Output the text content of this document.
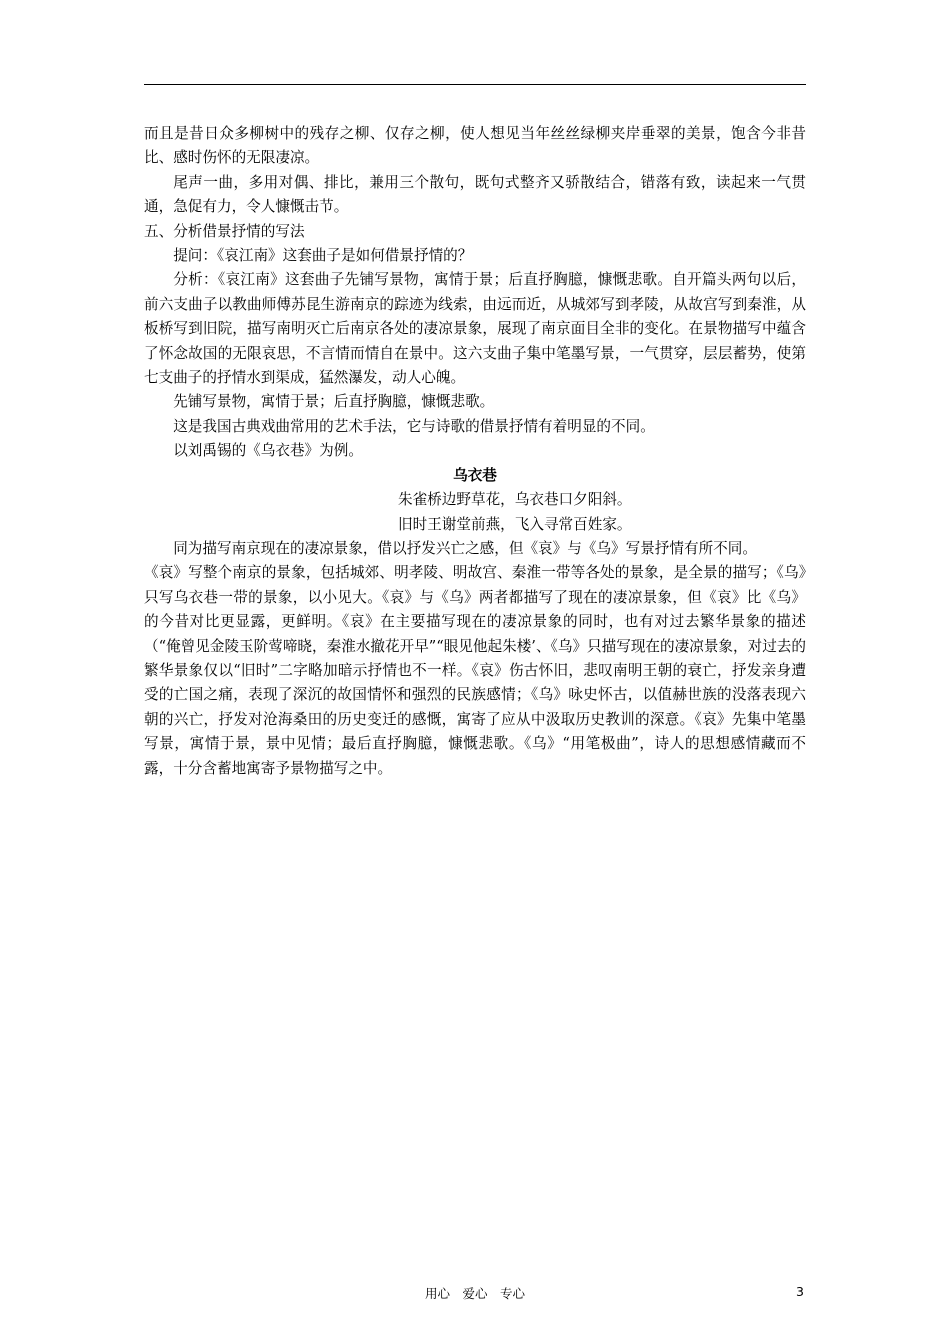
而且是昔日众多柳树中的残存之柳、仅存之柳，使人想见当年丝丝绿柳夹岸垂翠的美景，饱含今非昔比、感时伤怀的无限凄凉。

尾声一曲，多用对偶、排比，兼用三个散句，既句式整齐又骄散结合，错落有致，读起来一气贯通，急促有力，令人慷慨击节。

五、分析借景抒情的写法

提问：《哀江南》这套曲子是如何借景抒情的？

分析：《哀江南》这套曲子先铺写景物，寓情于景；后直抒胸臆，慷慨悲歌。自开篇头两句以后，前六支曲子以教曲师傅苏昆生游南京的踪迹为线索，由远而近，从城郊写到孝陵，从故宫写到秦淮，从板桥写到旧院，描写南明灭亡后南京各处的凄凉景象，展现了南京面目全非的变化。在景物描写中蕴含了怀念故国的无限哀思，不言情而情自在景中。这六支曲子集中笔墨写景，一气贯穿，层层蓄势，使第七支曲子的抒情水到渠成，猛然瀑发，动人心魄。

先铺写景物，寓情于景；后直抒胸臆，慷慨悲歌。

这是我国古典戏曲常用的艺术手法，它与诗歌的借景抒情有着明显的不同。

以刘禹锡的《乌衣巷》为例。

乌衣巷

朱雀桥边野草花，乌衣巷口夕阳斜。

旧时王谢堂前燕，飞入寻常百姓家。

同为描写南京现在的凄凉景象，借以抒发兴亡之感，但《哀》与《乌》写景抒情有所不同。

《哀》写整个南京的景象，包括城郊、明孝陵、明故宫、秦淮一带等各处的景象，是全景的描写；《乌》只写乌衣巷一带的景象，以小见大。《哀》与《乌》两者都描写了现在的凄凉景象，但《哀》比《乌》的今昔对比更显露，更鲜明。《哀》在主要描写现在的凄凉景象的同时，也有对过去繁华景象的描述（“俺曾见金陵玉阶莺啼晓，秦淮水撤花开早”“眼见他起朱楼’、《乌》只描写现在的凄凉景象，对过去的繁华景象仅以“旧时”二字略加暗示抒情也不一样。《哀》伤古怀旧，悲叹南明王朝的衰亡，抒发亲身遭受的亡国之痛，表现了深沉的故国情怀和强烈的民族感情；《乌》咏史怀古，以值赫世族的没落表现六朝的兴亡，抒发对沧海桑田的历史变迁的感慨，寓寄了应从中汲取历史教训的深意。《哀》先集中笔墨写景，寓情于景，景中见情；最后直抒胸臆，慷慨悲歌。《乌》“用笔极曲”，诗人的思想感情藏而不露，十分含蓄地寓寄予景物描写之中。

用心　爱心　专心	3
